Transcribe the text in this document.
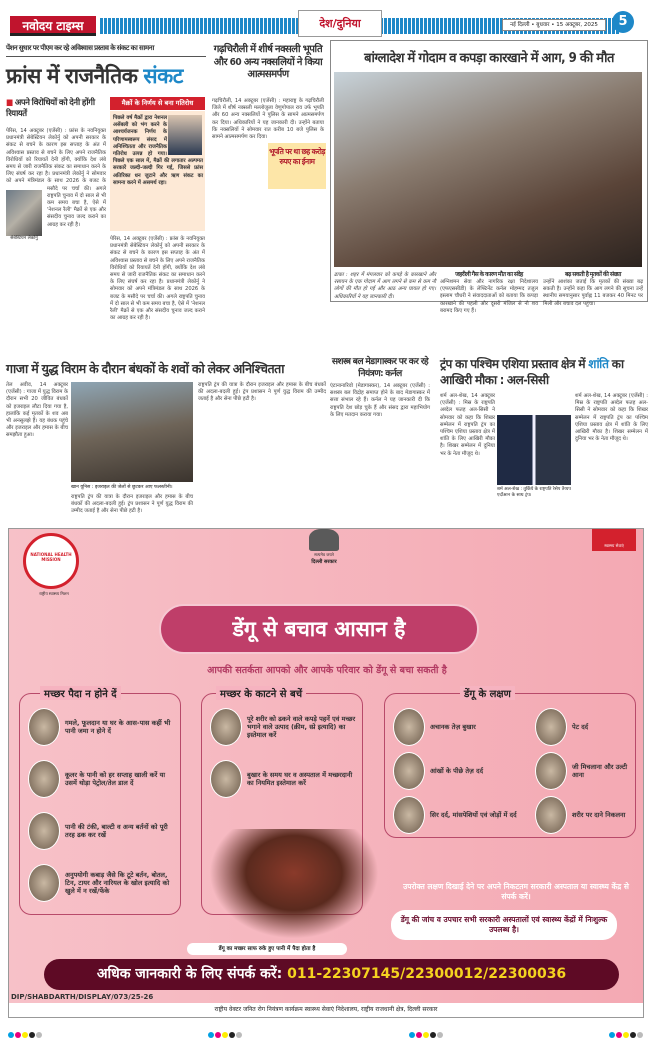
नवोदय टाइम्स	देश/दुनिया	नई दिल्ली • बुधवार • 15 अक्टूबर, 2025	5
पेंशन सुधार पर पीएम कर रहे अविश्वास प्रस्ताव के संकट का सामना
फ्रांस में राजनैतिक संकट
■ अपने विरोधियों को देनी होंगी रियायतें
सेबेस्टियन लेकोर्नु
पेरिस, 14 अक्टूबर (एजेंसी) : फ्रांस के नवनियुक्त प्रधानमंत्री सेबेस्टियन लेकोर्नु को अपनी सरकार के संकट से बचने के कारण इस सप्ताह के अंत में अविश्वास प्रस्ताव से बचने के लिए अपने राजनैतिक विरोधियों को रियायतें देनी होंगी, क्योंकि देश लंबे समय से जारी राजनैतिक संकट का समाधान करने के लिए संघर्ष कर रहा है। प्रधानमंत्री लेकोर्नु ने सोमवार को अपने मंत्रिमंडल के साथ 2026 के बजट के मसौदे पर चर्चा की। अगले राष्ट्रपति चुनाव में दो साल से भी कम समय बचा है, ऐसे में 'नेशनल रैली' मैक्रों से एक और संसदीय चुनाव जल्द कराने का आग्रह कर रही है।
मैक्रों के निर्णय से बना गतिरोध
पिछले वर्ष मैक्रों द्वारा नेशनल असेंबली को भंग करने के आश्चर्यजनक निर्णय के परिणामस्वरूप संसद में अनिश्चितता और राजनैतिक गतिरोध उत्पन्न हो गया। पिछले एक साल में, मैक्रों की लगातार अल्पमत सरकारें जल्दी-जल्दी गिर गईं, जिससे फ्रांस अतिरिक्त धन जुटाने और ऋण संकट का सामना करने में असमर्थ रहा।
पेरिस, 14 अक्टूबर (एजेंसी) : फ्रांस के नवनियुक्त प्रधानमंत्री सेबेस्टियन लेकोर्नु को अपनी सरकार के संकट से बचने के कारण इस सप्ताह के अंत में अविश्वास प्रस्ताव से बचने के लिए अपने राजनैतिक विरोधियों को रियायतें देनी होंगी, क्योंकि देश लंबे समय से जारी राजनैतिक संकट का समाधान करने के लिए संघर्ष कर रहा है। प्रधानमंत्री लेकोर्नु ने सोमवार को अपने मंत्रिमंडल के साथ 2026 के बजट के मसौदे पर चर्चा की। अगले राष्ट्रपति चुनाव में दो साल से भी कम समय बचा है, ऐसे में 'नेशनल रैली' मैक्रों से एक और संसदीय चुनाव जल्द कराने का आग्रह कर रही है।
गढ़चिरौली में शीर्ष नक्सली भूपति और 60 अन्य नक्सलियों ने किया आत्मसमर्पण
गढ़चिरौली, 14 अक्टूबर (एजेंसी) : महाराष्ट्र के गढ़चिरौली जिले में शीर्ष नक्सली मल्लोजुला वेणुगोपाल राव उर्फ भूपति और 60 अन्य नक्सलियों ने पुलिस के सामने आत्मसमर्पण कर दिया। अधिकारियों ने यह जानकारी दी। उन्होंने बताया कि नक्सलियों ने सोमवार रात करीब 10 बजे पुलिस के सामने आत्मसमर्पण कर दिया।
भूपति पर था छह करोड़ रुपए का ईनाम
बांग्लादेश में गोदाम व कपड़ा कारखाने में आग, 9 की मौत
ढाका : शहर में मंगलवार को कपड़े के कारखाने और रसायन के एक गोदाम में आग लगने से कम से कम नौ लोगों की मौत हो गई और आठ अन्य घायल हो गए। अधिकारियों ने यह जानकारी दी।
जहरीली गैस के कारण मौत का संदेह
अग्निशमन सेवा और नागरिक रक्षा निदेशालय (एफएससीडी) के लेफ्टिनेंट कर्नल मोहम्मद तजुल इस्लाम चौधरी ने संवाददाताओं को बताया कि कपड़ा कारखाने की पहली और दूसरी मंजिल से नौ शव बरामद किए गए हैं।
बढ़ सकती है मृतकों की संख्या
उन्होंने आशंका जताई कि मृतकों की संख्या बढ़ सकती है। उन्होंने कहा कि आग लगने की सूचना उन्हें स्थानीय समयानुसार पूर्वाह्न 11 बजकर 40 मिनट पर मिली और बचाव दल पहुंचा।
गाजा में युद्ध विराम के दौरान बंधकों के शवों को लेकर अनिश्चितता
तेल अवीव, 14 अक्टूबर (एजेंसी) : गाजा में युद्ध विराम के दौरान सभी 20 जीवित बंधकों को इजराइल लौटा दिया गया है, हालांकि कई मृतकों के शव अब भी अनसुलझे हैं। यह बंधक पहुंचे और इजराइल और हमास के बीच समझौता हुआ।
खान यूनिस : इजराइल की जेलों से छूटकर आए फलस्तीनी।
राष्ट्रपति ट्रंप की यात्रा के दौरान इजराइल और हमास के बीच बंधकों की अदला-बदली हुई। ट्रंप प्रशासन ने पूर्ण युद्ध विराम की उम्मीद जताई है और सेना पीछे हटी है।
राष्ट्रपति ट्रंप की यात्रा के दौरान इजराइल और हमास के बीच बंधकों की अदला-बदली हुई। ट्रंप प्रशासन ने पूर्ण युद्ध विराम की उम्मीद जताई है और सेना पीछे हटी है।
सशस्त्र बल मेडागास्कर पर कर रहे नियंत्रण: कर्नल
एंटानानारिवो (मेडागास्कर), 14 अक्टूबर (एजेंसी) : सशस्त्र बल विद्रोह समाप्त होने के बाद मेडागास्कर में सत्ता संभाल रहे हैं। कर्नल ने यह जानकारी दी कि राष्ट्रपति देश छोड़ चुके हैं और संसद द्वारा महाभियोग के लिए मतदान कराया गया।
ट्रंप का पश्चिम एशिया प्रस्ताव क्षेत्र में शांति का आखिरी मौका : अल-सिसी
शर्म अल-शेख, 14 अक्टूबर (एजेंसी) : मिस्र के राष्ट्रपति अब्देल फतह अल-सिसी ने सोमवार को कहा कि शिखर सम्मेलन में राष्ट्रपति ट्रंप का पश्चिम एशिया प्रस्ताव क्षेत्र में शांति के लिए आखिरी मौका है। शिखर सम्मेलन में दुनिया भर के नेता मौजूद थे।
शर्म अल-शेख : तुर्किये के राष्ट्रपति रेसेप तैय्यप एर्दोआन के साथ ट्रंप।
शर्म अल-शेख, 14 अक्टूबर (एजेंसी) : मिस्र के राष्ट्रपति अब्देल फतह अल-सिसी ने सोमवार को कहा कि शिखर सम्मेलन में राष्ट्रपति ट्रंप का पश्चिम एशिया प्रस्ताव क्षेत्र में शांति के लिए आखिरी मौका है। शिखर सम्मेलन में दुनिया भर के नेता मौजूद थे।
NATIONAL HEALTH MISSION
राष्ट्रीय स्वास्थ्य मिशन
सत्यमेव जयते
दिल्ली सरकार
स्वास्थ्य सेवाएं
डेंगू से बचाव आसान है
आपकी सतर्कता आपको और आपके परिवार को डेंगू से बचा सकती है
मच्छर पैदा न होने दें
गमले, फूलदान या घर के आस-पास कहीं भी पानी जमा न होने दें
कूलर के पानी को हर सप्ताह खाली करें या उसमें थोड़ा पेट्रोल/तेल डाल दें
पानी की टंकी, बाल्टी व अन्य बर्तनों को पूरी तरह ढक कर रखें
अनुपयोगी कबाड़ जैसे कि टूटे बर्तन, बोतल, टिन, टायर और नारियल के खोल इत्यादि को खुले में न रखें/फेंके
मच्छर के काटने से बचें
पूरे शरीर को ढकने वाले कपड़े पहनें एवं मच्छर भगाने वाले उत्पाद (क्रीम, स्प्रे इत्यादि) का इस्तेमाल करें
बुखार के समय घर व अस्पताल में मच्छरदानी का नियमित इस्तेमाल करें
डेंगू के लक्षण
अचानक तेज़ बुखार	पेट दर्द
आंखों के पीछे तेज़ दर्द	जी मिचलाना और उल्टी आना
सिर दर्द, मांसपेशियों एवं जोड़ों में दर्द	शरीर पर दाने निकलना
उपरोक्त लक्षण दिखाई देने पर अपने निकटतम सरकारी अस्पताल या स्वास्थ्य केंद्र से संपर्क करें।
डेंगू की जांच व उपचार सभी सरकारी अस्पतालों एवं स्वास्थ्य केंद्रों में निःशुल्क उपलब्ध है।
डेंगू का मच्छर साफ रुके हुए पानी में पैदा होता है
अधिक जानकारी के लिए संपर्क करें: 011-22307145/22300012/22300036
DIP/SHABDARTH/DISPLAY/073/25-26
राष्ट्रीय वेक्टर जनित रोग नियंत्रण कार्यक्रम स्वास्थ्य सेवाएं निदेशालय, राष्ट्रीय राजधानी क्षेत्र, दिल्ली सरकार
